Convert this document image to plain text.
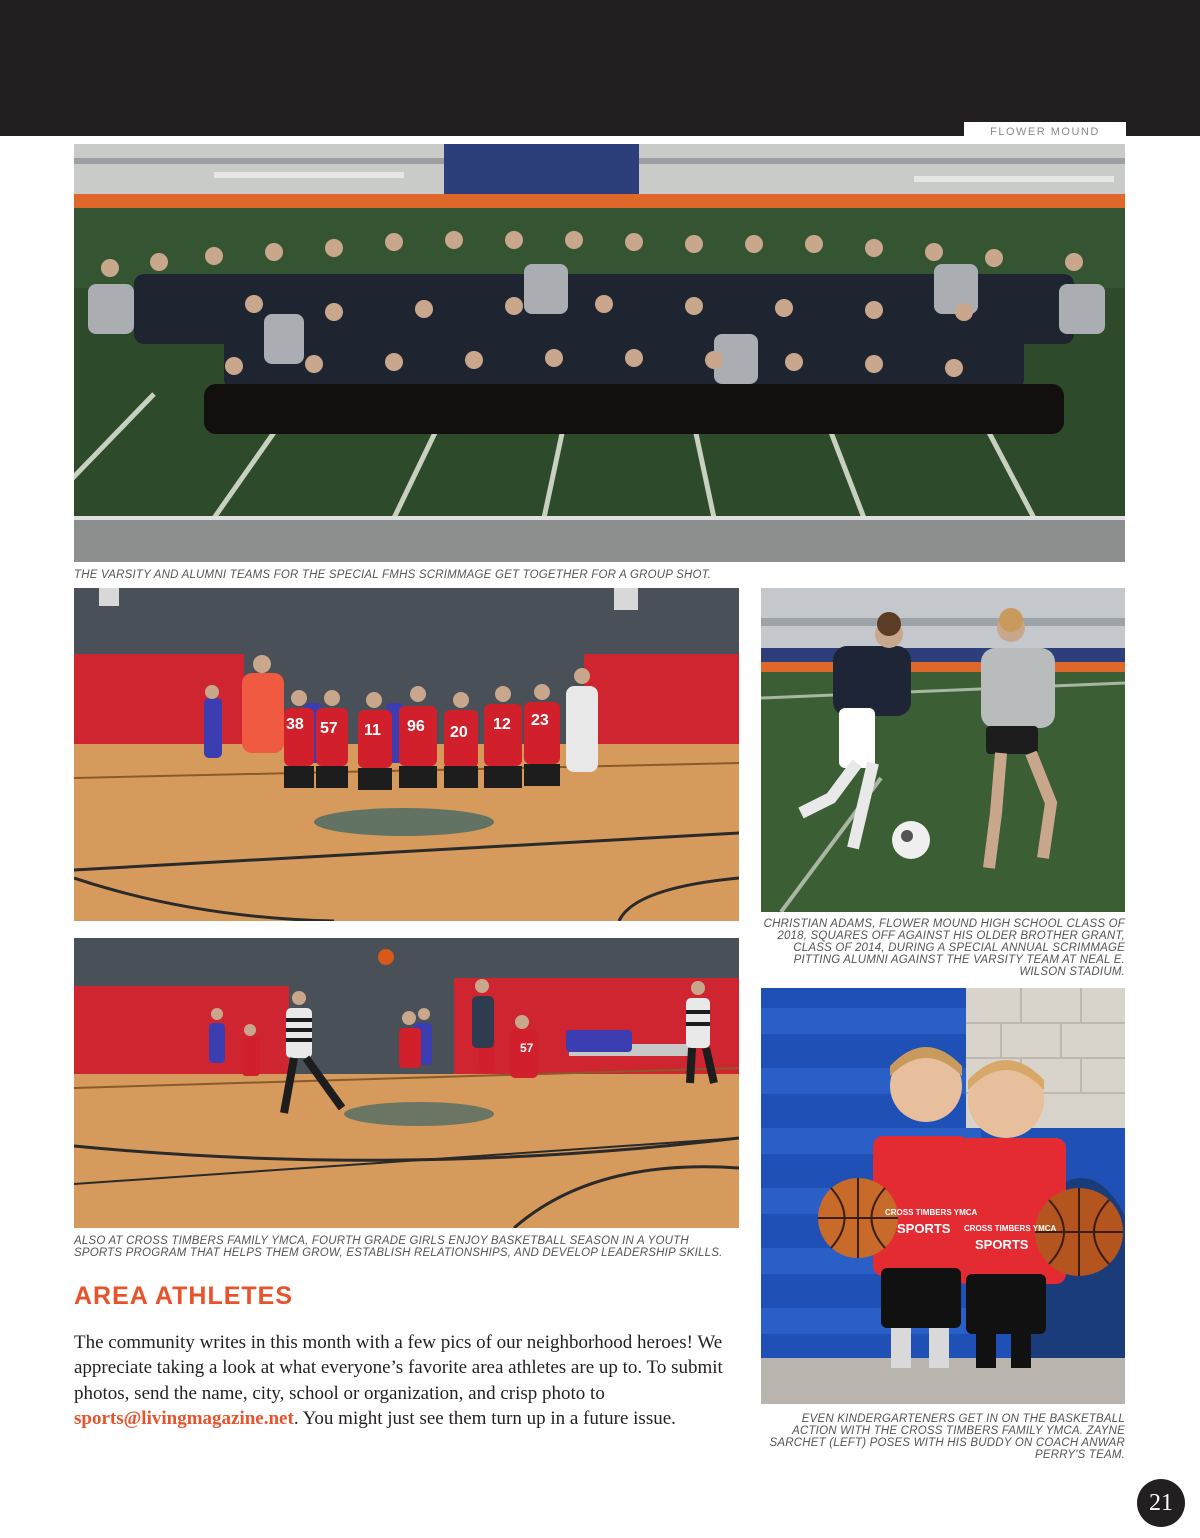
FLOWER MOUND
THE VARSITY AND ALUMNI TEAMS FOR THE SPECIAL FMHS SCRIMMAGE GET TOGETHER FOR A GROUP SHOT.
38 57 11 96 20 12 23
CHRISTIAN ADAMS, FLOWER MOUND HIGH SCHOOL CLASS OF 2018, SQUARES OFF AGAINST HIS OLDER BROTHER GRANT, CLASS OF 2014, DURING A SPECIAL ANNUAL SCRIMMAGE PITTING ALUMNI AGAINST THE VARSITY TEAM AT NEAL E. WILSON STADIUM.
57
ALSO AT CROSS TIMBERS FAMILY YMCA, FOURTH GRADE GIRLS ENJOY BASKETBALL SEASON IN A YOUTH SPORTS PROGRAM THAT HELPS THEM GROW, ESTABLISH RELATIONSHIPS, AND DEVELOP LEADERSHIP SKILLS.
CROSS TIMBERS YMCA
SPORTS CROSS TIMBERS YMCA
SPORTS
EVEN KINDERGARTENERS GET IN ON THE BASKETBALL ACTION WITH THE CROSS TIMBERS FAMILY YMCA. ZAYNE SARCHET (LEFT) POSES WITH HIS BUDDY ON COACH ANWAR PERRY'S TEAM.
AREA ATHLETES

The community writes in this month with a few pics of our neighborhood heroes! We appreciate taking a look at what everyone’s favorite area athletes are up to. To submit photos, send the name, city, school or organization, and crisp photo to sports@livingmagazine.net. You might just see them turn up in a future issue.

21
